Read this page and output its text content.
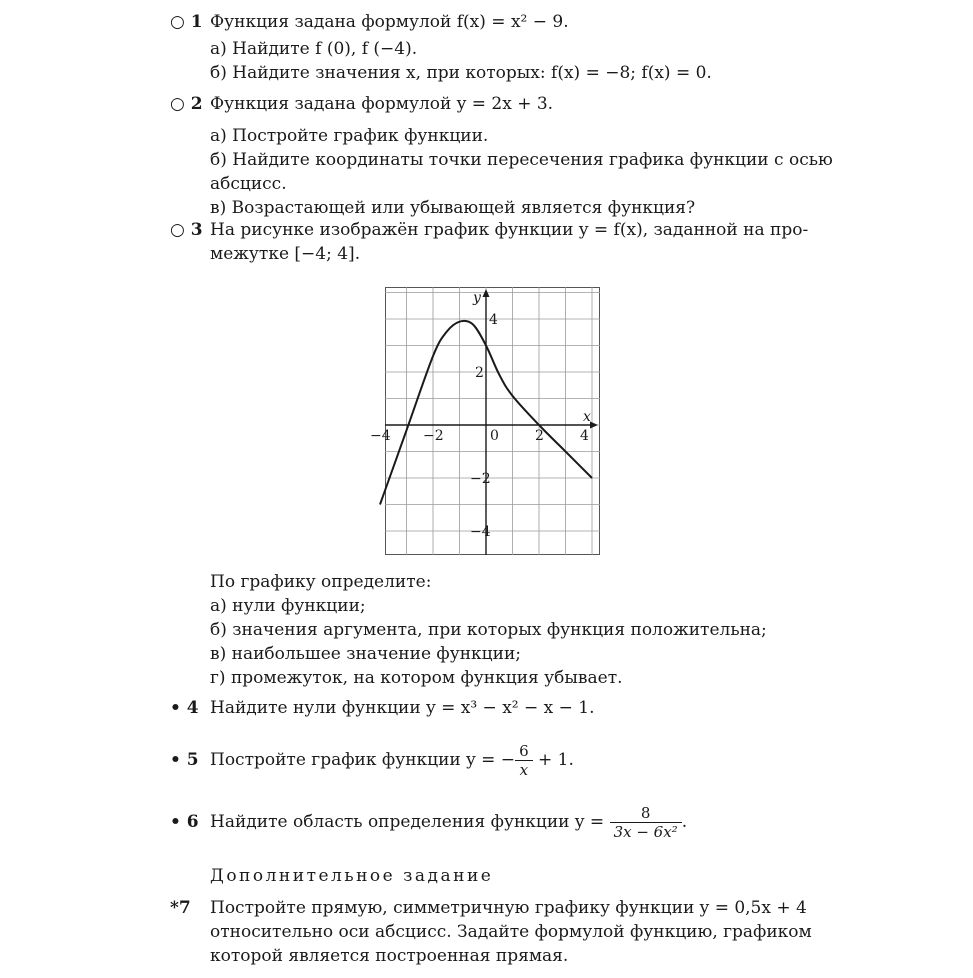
○ 1 Функция задана формулой f(x) = x² − 9.
а) Найдите f (0), f (−4).
б) Найдите значения x, при которых: f(x) = −8; f(x) = 0.
○ 2 Функция задана формулой y = 2x + 3.
а) Постройте график функции.
б) Найдите координаты точки пересечения графика функции с осью
абсцисс.
в) Возрастающей или убывающей является функция?
○ 3 На рисунке изображён график функции y = f(x), заданной на про-
межутке [−4; 4].
−4 −2	0	2	4
4
2
−2
−4
x
y
По графику определите:
а) нули функции;
б) значения аргумента, при которых функция положительна;
в) наибольшее значение функции;
г) промежуток, на котором функция убывает.
• 4 Найдите нули функции y = x³ − x² − x − 1.
• 5 Постройте график функции y = − $\frac{6}{x} + 1$.
• 6 Найдите область определения функции $y = \frac{8}{\text{3x − 6x²}}$ .
Дополнительное задание
*7 Постройте прямую, симметричную графику функции y = 0,5x + 4
относительно оси абсцисс. Задайте формулой функцию, графиком
которой является построенная прямая.
